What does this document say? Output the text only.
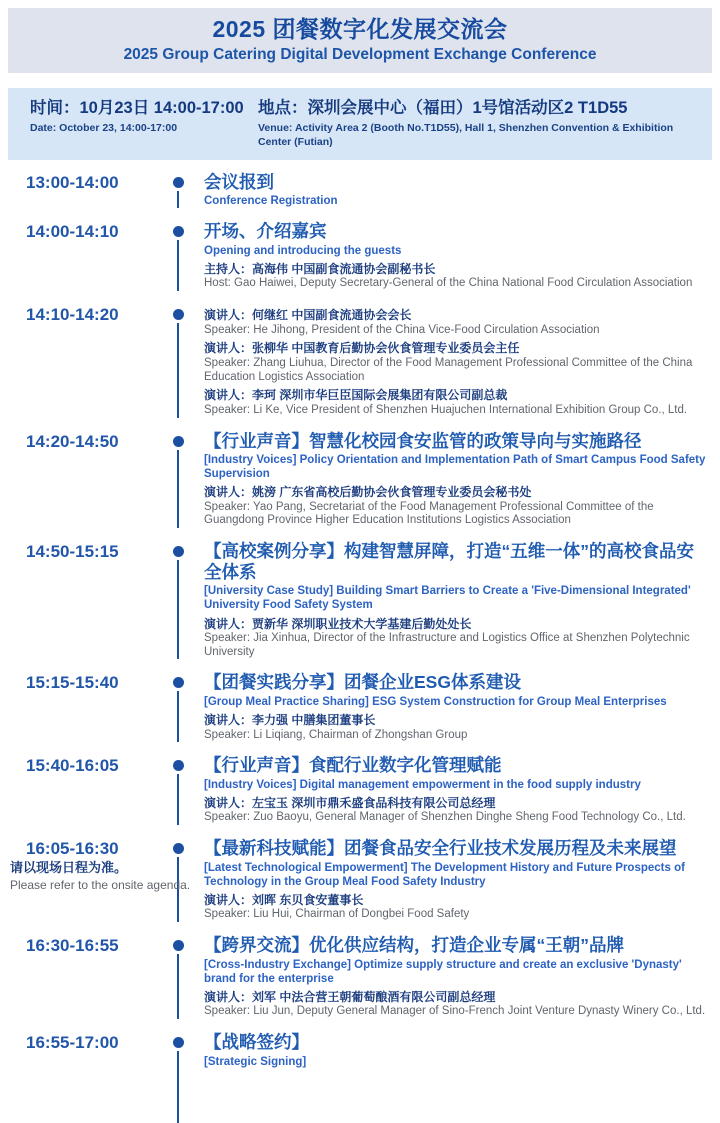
2025 团餐数字化发展交流会
2025 Group Catering Digital Development Exchange Conference
时间：10月23日 14:00-17:00
Date: October 23, 14:00-17:00
地点：深圳会展中心（福田）1号馆活动区2 T1D55
Venue: Activity Area 2 (Booth No.T1D55), Hall 1, Shenzhen Convention & Exhibition Center (Futian)
13:00-14:00	会议报到
Conference Registration
14:00-14:10	开场、介绍嘉宾
Opening and introducing the guests
主持人：高海伟 中国副食流通协会副秘书长
Host: Gao Haiwei, Deputy Secretary-General of the China National Food Circulation Association
14:10-14:20	演讲人：何继红 中国副食流通协会会长
Speaker: He Jihong, President of the China Vice-Food Circulation Association
演讲人：张柳华 中国教育后勤协会伙食管理专业委员会主任
Speaker: Zhang Liuhua, Director of the Food Management Professional Committee of the China Education Logistics Association
演讲人：李珂 深圳市华巨臣国际会展集团有限公司副总裁
Speaker: Li Ke, Vice President of Shenzhen Huajuchen International Exhibition Group Co., Ltd.
14:20-14:50	【行业声音】智慧化校园食安监管的政策导向与实施路径
[Industry Voices] Policy Orientation and Implementation Path of Smart Campus Food Safety Supervision
演讲人：姚滂 广东省高校后勤协会伙食管理专业委员会秘书处
Speaker: Yao Pang, Secretariat of the Food Management Professional Committee of the Guangdong Province Higher Education Institutions Logistics Association
14:50-15:15	【高校案例分享】构建智慧屏障，打造“五维一体”的高校食品安全体系
[University Case Study] Building Smart Barriers to Create a 'Five-Dimensional Integrated' University Food Safety System
演讲人：贾新华 深圳职业技术大学基建后勤处处长
Speaker: Jia Xinhua, Director of the Infrastructure and Logistics Office at Shenzhen Polytechnic University
15:15-15:40	【团餐实践分享】团餐企业ESG体系建设
[Group Meal Practice Sharing] ESG System Construction for Group Meal Enterprises
演讲人：李力强 中膳集团董事长
Speaker: Li Liqiang, Chairman of Zhongshan Group
15:40-16:05	【行业声音】食配行业数字化管理赋能
[Industry Voices] Digital management empowerment in the food supply industry
演讲人：左宝玉 深圳市鼎禾盛食品科技有限公司总经理
Speaker: Zuo Baoyu, General Manager of Shenzhen Dinghe Sheng Food Technology Co., Ltd.
16:05-16:30	【最新科技赋能】团餐食品安全行业技术发展历程及未来展望
[Latest Technological Empowerment] The Development History and Future Prospects of Technology in the Group Meal Food Safety Industry
演讲人：刘晖 东贝食安董事长
Speaker: Liu Hui, Chairman of Dongbei Food Safety
16:30-16:55	【跨界交流】优化供应结构，打造企业专属“王朝”品牌
[Cross-Industry Exchange] Optimize supply structure and create an exclusive 'Dynasty' brand for the enterprise
演讲人：刘军 中法合营王朝葡萄酿酒有限公司副总经理
Speaker: Liu Jun, Deputy General Manager of Sino-French Joint Venture Dynasty Winery Co., Ltd.
16:55-17:00	【战略签约】
[Strategic Signing]
请以现场日程为准。
Please refer to the onsite agenda.
